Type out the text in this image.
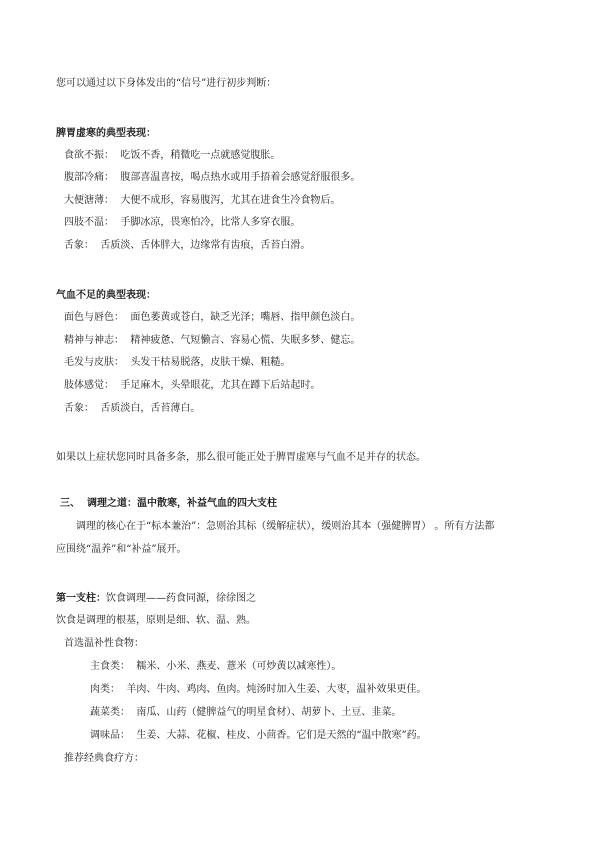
您可以通过以下身体发出的“信号”进行初步判断：
脾胃虚寒的典型表现：
食欲不振： 吃饭不香，稍微吃一点就感觉腹胀。
腹部冷痛： 腹部喜温喜按，喝点热水或用手捂着会感觉舒服很多。
大便溏薄： 大便不成形，容易腹泻，尤其在进食生冷食物后。
四肢不温： 手脚冰凉，畏寒怕冷，比常人多穿衣服。
舌象： 舌质淡、舌体胖大，边缘常有齿痕，舌苔白滑。
气血不足的典型表现：
面色与唇色： 面色萎黄或苍白，缺乏光泽；嘴唇、指甲颜色淡白。
精神与神志： 精神疲惫、气短懒言、容易心慌、失眠多梦、健忘。
毛发与皮肤： 头发干枯易脱落，皮肤干燥、粗糙。
肢体感觉： 手足麻木，头晕眼花，尤其在蹲下后站起时。
舌象： 舌质淡白，舌苔薄白。
如果以上症状您同时具备多条，那么很可能正处于脾胃虚寒与气血不足并存的状态。
三、 调理之道：温中散寒，补益气血的四大支柱
调理的核心在于“标本兼治”：急则治其标（缓解症状），缓则治其本（强健脾胃） 。所有方法都
应围绕“温养”和“补益”展开。
第一支柱：饮食调理——药食同源，徐徐图之
饮食是调理的根基，原则是细、软、温、熟。
首选温补性食物：
主食类： 糯米、小米、燕麦、薏米（可炒黄以减寒性）。
肉类： 羊肉、牛肉、鸡肉、鱼肉。炖汤时加入生姜、大枣，温补效果更佳。
蔬菜类： 南瓜、山药（健脾益气的明星食材）、胡萝卜、土豆、韭菜。
调味品： 生姜、大蒜、花椒、桂皮、小茴香。它们是天然的“温中散寒”药。
推荐经典食疗方：
